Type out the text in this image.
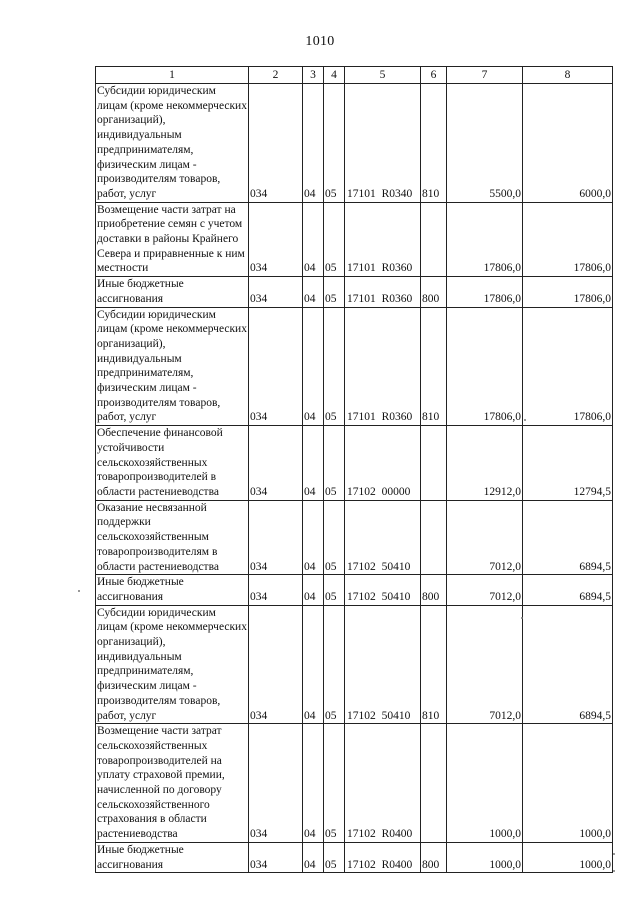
1010
1	2	3	4	5	6	7	8
Субсидии юридическим лицам (кроме некоммерческих организаций), индивидуальным предпринимателям, физическим лицам - производителям товаров, работ, услуг	034	04	05	17101 R0340	810	5500,0	6000,0
Возмещение части затрат на приобретение семян с учетом доставки в районы Крайнего Севера и приравненные к ним местности	034	04	05	17101 R0360		17806,0	17806,0
Иные бюджетные ассигнования	034	04	05	17101 R0360	800	17806,0	17806,0
Субсидии юридическим лицам (кроме некоммерческих организаций), индивидуальным предпринимателям, физическим лицам - производителям товаров, работ, услуг	034	04	05	17101 R0360	810	17806,0	17806,0
Обеспечение финансовой устойчивости сельскохозяйственных товаропроизводителей в области растениеводства	034	04	05	17102 00000		12912,0	12794,5
Оказание несвязанной поддержки сельскохозяйственным товаропроизводителям в области растениеводства	034	04	05	17102 50410		7012,0	6894,5
Иные бюджетные ассигнования	034	04	05	17102 50410	800	7012,0	6894,5
Субсидии юридическим лицам (кроме некоммерческих организаций), индивидуальным предпринимателям, физическим лицам - производителям товаров, работ, услуг	034	04	05	17102 50410	810	7012,0	6894,5
Возмещение части затрат сельскохозяйственных товаропроизводителей на уплату страховой премии, начисленной по договору сельскохозяйственного страхования в области растениеводства	034	04	05	17102 R0400		1000,0	1000,0
Иные бюджетные ассигнования	034	04	05	17102 R0400	800	1000,0	1000,0
